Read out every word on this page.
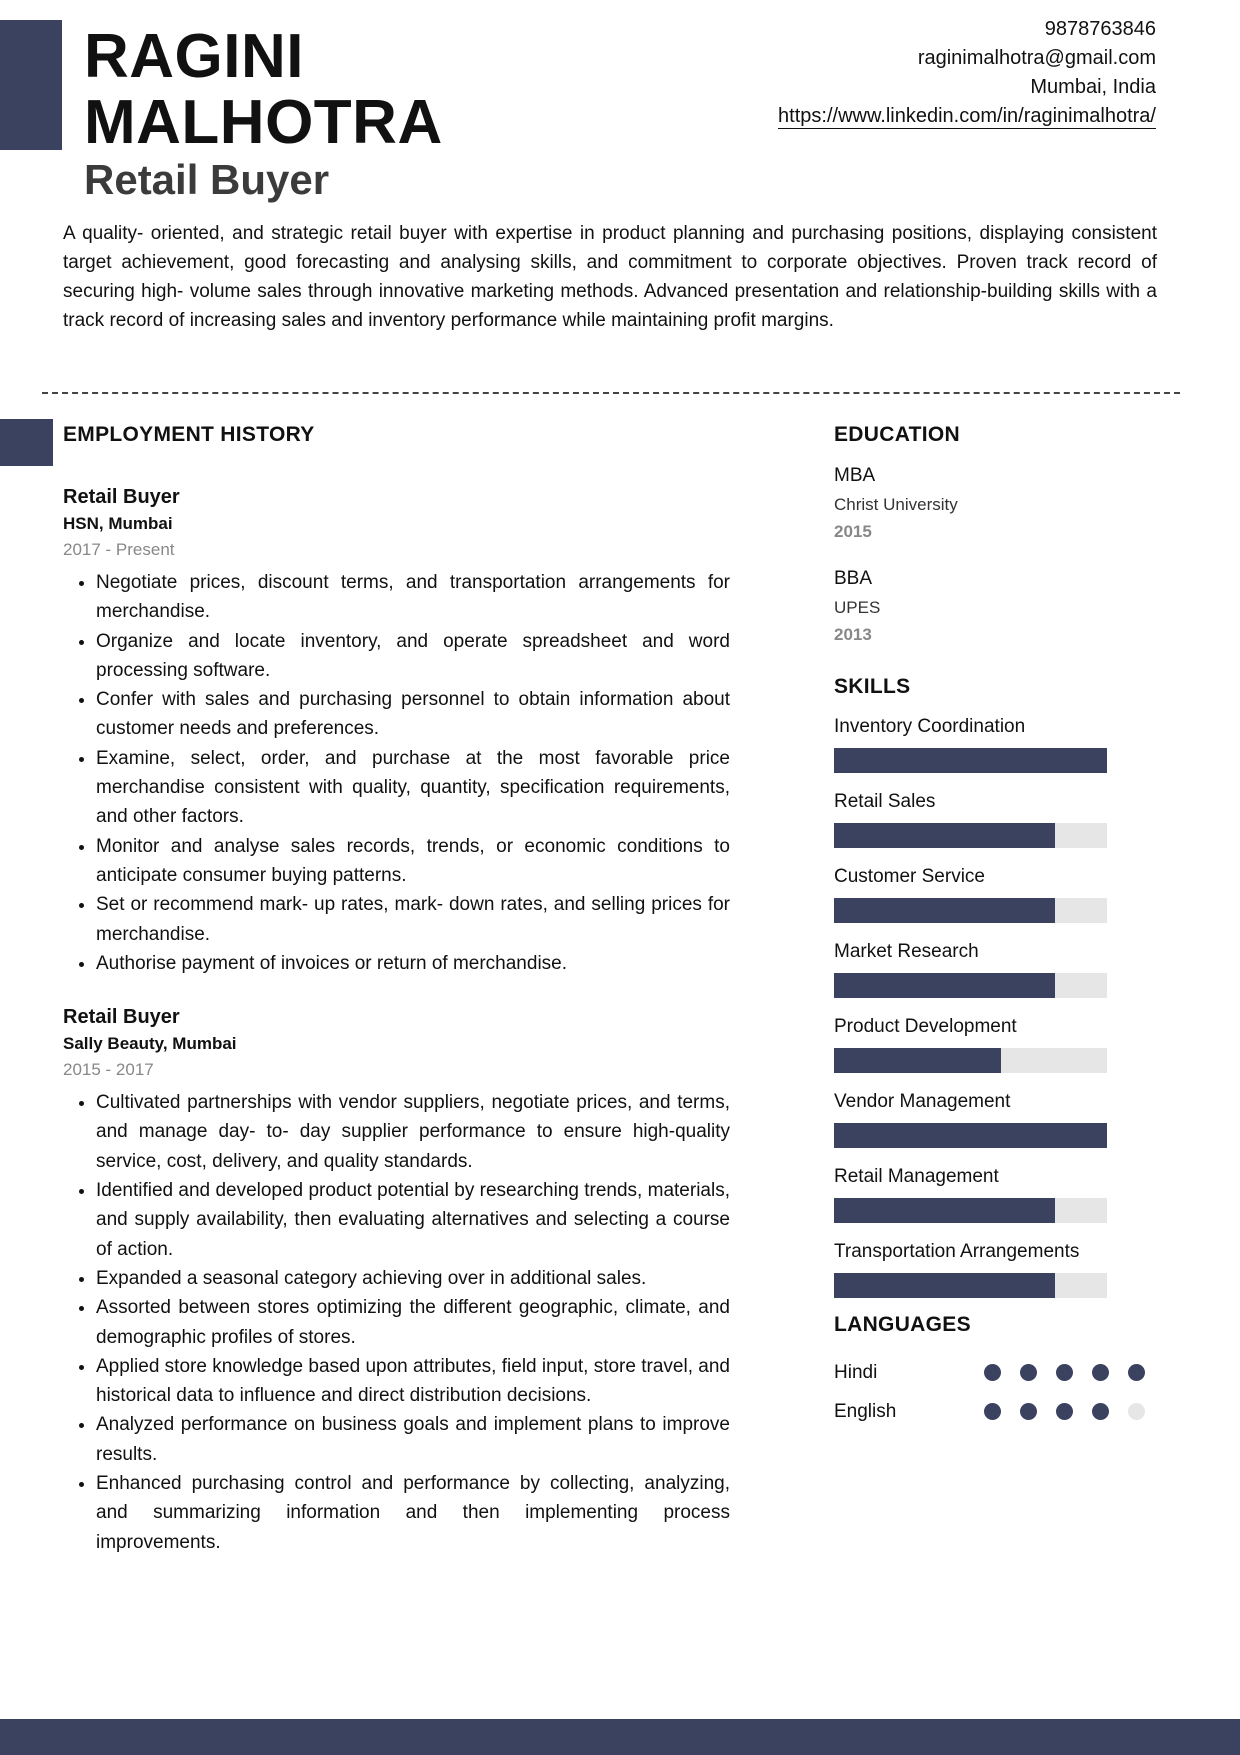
RAGINI
MALHOTRA
Retail Buyer
9878763846
raginimalhotra@gmail.com
Mumbai, India
https://www.linkedin.com/in/raginimalhotra/
A quality- oriented, and strategic retail buyer with expertise in product planning and purchasing positions, displaying consistent target achievement, good forecasting and analysing skills, and commitment to corporate objectives. Proven track record of securing high- volume sales through innovative marketing methods. Advanced presentation and relationship-building skills with a track record of increasing sales and inventory performance while maintaining profit margins.
EMPLOYMENT HISTORY
Retail Buyer
HSN, Mumbai
2017 - Present
• Negotiate prices, discount terms, and transportation arrangements for merchandise.
• Organize and locate inventory, and operate spreadsheet and word processing software.
• Confer with sales and purchasing personnel to obtain information about customer needs and preferences.
• Examine, select, order, and purchase at the most favorable price merchandise consistent with quality, quantity, specification requirements, and other factors.
• Monitor and analyse sales records, trends, or economic conditions to anticipate consumer buying patterns.
• Set or recommend mark- up rates, mark- down rates, and selling prices for merchandise.
• Authorise payment of invoices or return of merchandise.
Retail Buyer
Sally Beauty, Mumbai
2015 - 2017
• Cultivated partnerships with vendor suppliers, negotiate prices, and terms, and manage day- to- day supplier performance to ensure high-quality service, cost, delivery, and quality standards.
• Identified and developed product potential by researching trends, materials, and supply availability, then evaluating alternatives and selecting a course of action.
• Expanded a seasonal category achieving over in additional sales.
• Assorted between stores optimizing the different geographic, climate, and demographic profiles of stores.
• Applied store knowledge based upon attributes, field input, store travel, and historical data to influence and direct distribution decisions.
• Analyzed performance on business goals and implement plans to improve results.
• Enhanced purchasing control and performance by collecting, analyzing, and summarizing information and then implementing process improvements.
EDUCATION
MBA
Christ University
2015
BBA
UPES
2013
SKILLS
Inventory Coordination
Retail Sales
Customer Service
Market Research
Product Development
Vendor Management
Retail Management
Transportation Arrangements
LANGUAGES
Hindi
English
